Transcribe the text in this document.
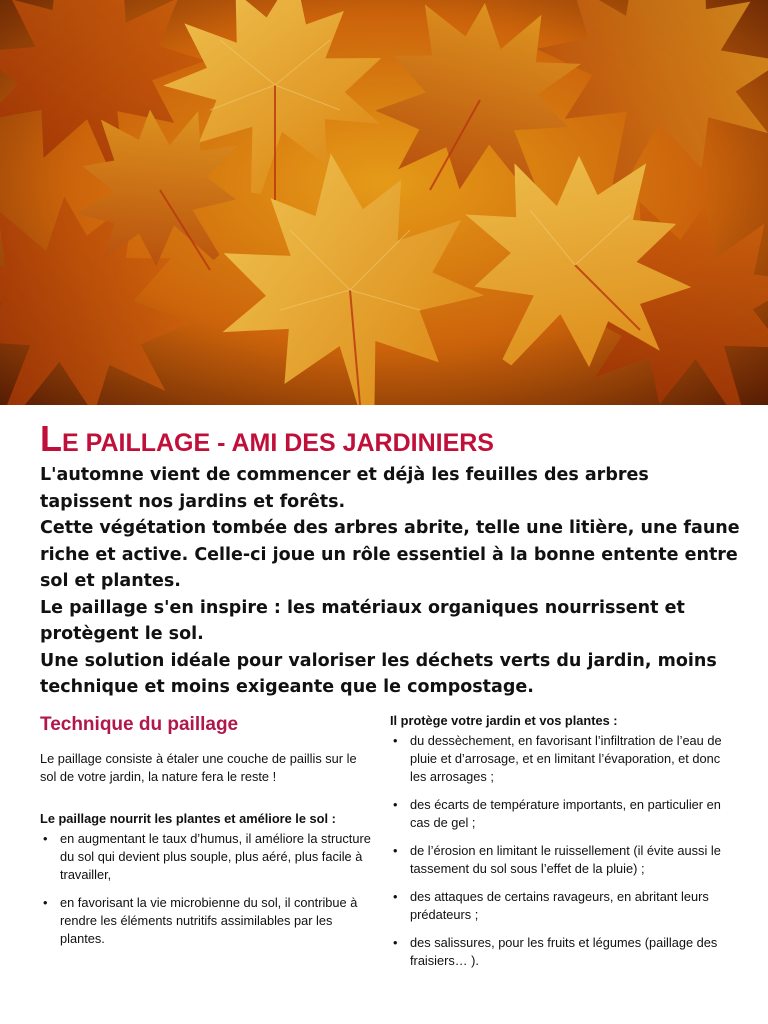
LE PAILLAGE - AMI DES JARDINIERS

L'automne vient de commencer et déjà les feuilles des arbres tapissent nos jardins et forêts.

Cette végétation tombée des arbres abrite, telle une litière, une faune riche et active. Celle-ci joue un rôle essentiel à la bonne entente entre sol et plantes.

Le paillage s'en inspire : les matériaux organiques nourrissent et protègent le sol.

Une solution idéale pour valoriser les déchets verts du jardin, moins technique et moins exigeante que le compostage.

Technique du paillage

Le paillage consiste à étaler une couche de paillis sur le sol de votre jardin, la nature fera le reste !

Le paillage nourrit les plantes et améliore le sol :

• en augmentant le taux d’humus, il améliore la structure du sol qui devient plus souple, plus aéré, plus facile à travailler,
• en favorisant la vie microbienne du sol, il contribue à rendre les éléments nutritifs assimilables par les plantes.

Il protège votre jardin et vos plantes :

• du dessèchement, en favorisant l’infiltration de l’eau de pluie et d’arrosage, et en limitant l’évaporation, et donc les arrosages ;
• des écarts de température importants, en particulier en cas de gel ;
• de l’érosion en limitant le ruissellement (il évite aussi le tassement du sol sous l’effet de la pluie) ;
• des attaques de certains ravageurs, en abritant leurs prédateurs ;
• des salissures, pour les fruits et légumes (paillage des fraisiers… ).
